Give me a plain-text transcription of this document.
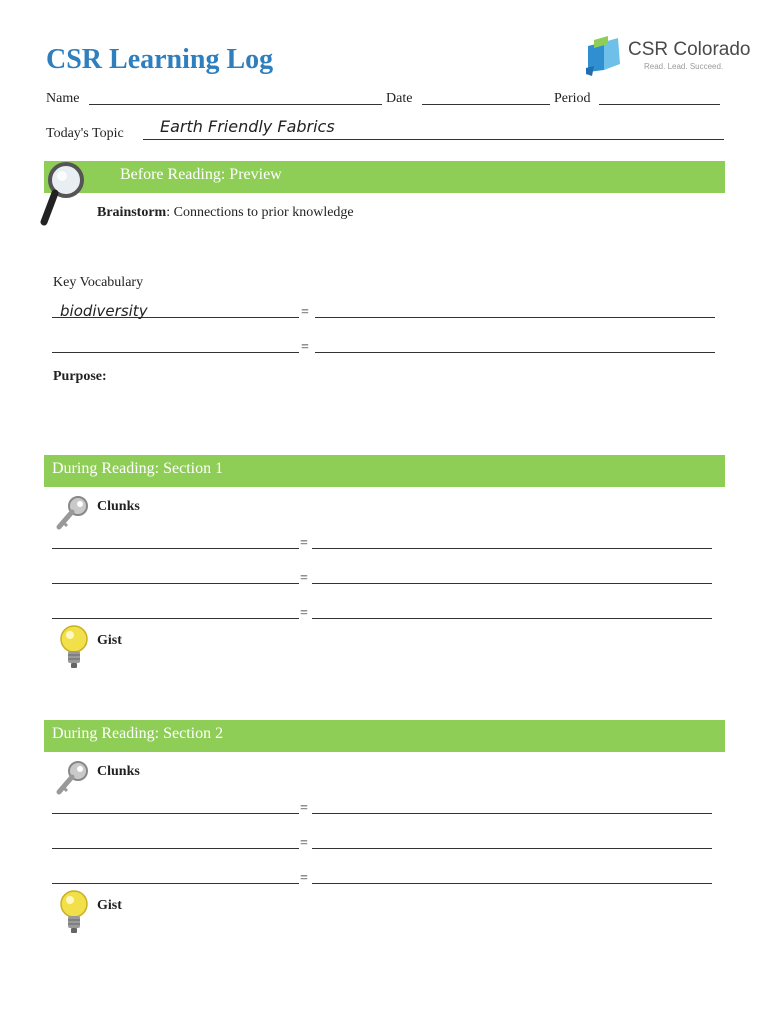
CSR Learning Log	CSR Colorado
Read. Lead. Succeed.
Name	Date	Period
Today's Topic Earth Friendly Fabrics
Before Reading: Preview
Brainstorm: Connections to prior knowledge
Key Vocabulary
biodiversity	=
=
Purpose:
During Reading: Section 1
Clunks
=
=
=
Gist
During Reading: Section 2
Clunks
=
=
=
Gist
